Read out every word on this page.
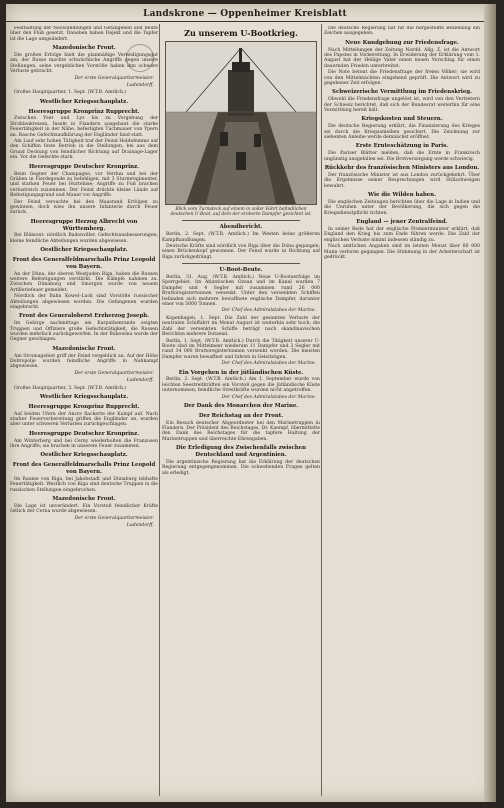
Landskrone — Oppenheimer Kreisblatt
Festhaltung der Neuwandlungen und Gefangenen und Beute über den Fluß gesetzt. Daneben haben Dejekt und die Tapfer ist die Lage umgeändert.
Mazedonische Front.
Die großen Erfolge hielt die planmäßige Verteidigungsgut am, der Russe machte schwächliche Angriffe gegen unsere Stellungen, seine vergeblichen Vorstöße haben ihm schwere Verluste gebracht.
Der erste Generalquartiermeister.
Ludendorff.
Großes Hauptquartier, 1. Sept. (W.T.B. Amtlich.)
Westlicher Kriegsschauplatz.
Heeresgruppe Kronprinz Rupprecht.
Zwischen Yser und Lys bis zu Vorgebung der Strahlenkreisen, Inseln in Flandern ausgebaut die starke Feuertätigkeit in der Nähe, befestigten Tuchmauer von Ypern an. Rasche Gefechtsaufklärung der Engländer fand statt.
Am Lauf sehr hohen Tätigkeit traf der Feind Holdefemme auf den Schiffen feste Betrieb in die Stellungen, bei aus dem Grund Deckung von feindlicher Richtung auf Drainage-Lager ein. Vor die Gefechte stark.
Heeresgruppe Deutscher Kronprinz.
Beim Gegner der Champagne, vor Verdun und bei der Gräben in Fierdegonde zu befehligen, mit 3 Sturmregimenter, und starken Feuer bei Hurtebise; Angriffe zu Fuß brachen verlustreich zusammen. Der Feind drückte kleine Lände auf Befestigungsgrund und Mauer vor Angriffe.
Der Feind versuchte bei den Maasrand Erfolgen zu gewinnen, doch wies ihn unsere Infanterie durch Feuer zurück.
Heeresgruppe Herzog Albrecht von Württemberg.
Bei Blämont: nördlich Badonviller, Gefechtsausbesserungen, kleine feindliche Abteilungen wurden abgewiesen.
Oestlicher Kriegsschauplatz.
Front des Generalfeldmarschalls Prinz Leopold von Bayern.
An der Düna, der oberen Westjuden Riga, haben die Russen weitere Befestigungen verstärkt. Die Kämpfe nahmen zu. Zwischen Dünaburg und Smorgon wurde von neuem Artilleriefeuer gemeldet.
Nördlich der Bahn Kowel–Luck sind Vorstöße russischer Abteilungen abgewiesen worden. Die Gefangenen wurden eingebracht.
Front des Generaloberst Erzherzog Joseph.
Im Gebirge nachmittags am Karpathenrande zeigten Truppen und Offiziere große Gefechtstätigkeit, die Russen wurden mehrfach zurückgeworfen. In der Bukowina wurde der Gegner geschlagen.
Mazedonische Front.
Am Strumagebiet griff der Feind vergeblich an. Auf der Höhe Dobropolje wurden feindliche Angriffe in Nahkampf abgewiesen.
Der erste Generalquartiermeister.
Ludendorff.
Großes Hauptquartier, 3. Sept. (W.T.B. Amtlich.)
Westlicher Kriegsschauplatz.
Heeresgruppe Kronprinz Rupprecht.
Auf beiden Ufern der Ancre flackerte der Kampf auf. Nach starker Feuervorbereitung griffen die Engländer an, wurden aber unter schweren Verlusten zurückgeschlagen.
Heeresgruppe Deutscher Kronprinz.
Am Winterberg und bei Cerny wiederholten die Franzosen ihre Angriffe; sie brachen in unserem Feuer zusammen.
Oestlicher Kriegsschauplatz.
Front des Generalfeldmarschalls Prinz Leopold von Bayern.
Im Raume von Riga, bei Jakobstadt und Dünaburg lebhafte Feuertätigkeit. Westlich von Riga sind deutsche Truppen in die russischen Stellungen eingebrochen.
Mazedonische Front.
Die Lage ist unverändert. Ein Vorstoß feindlicher Kräfte östlich der Cerna wurde abgewiesen.
Der erste Generalquartiermeister.
Ludendorff.
Zu unserem U-Bootkrieg.
Blick vom Turmdeck auf einem in voller Fahrt befindlichen deutschen U-Boot, auf dem der eroberte Dampfer gesichtet ist.
Abendbericht.
Berlin, 2. Sept. (W.T.B. Amtlich.) Im Westen keine größeren Kampfhandlungen.
Deutsche Kräfte sind nördlich von Riga über die Düna gegangen; einen Brückenkopf gewonnen. Der Feind wurde in Richtung auf Riga zurückgedrängt.
U-Boot-Beute.
Berlin, 31. Aug. (W.T.B. Amtlich.) Neue U-Bootserfolge im Sperrgebiet. Im Atlantischen Ozean und im Kanal wurden 7 Dampfer und 4 Segler mit zusammen rund 26 000 Bruttoregistertonnen versenkt. Unter den versenkten Schiffen befanden sich mehrere bewaffnete englische Dampfer, darunter einer von 5000 Tonnen.
Der Chef des Admiralstabes der Marine.
Kopenhagen, 1. Sept. Die Zahl der gesamten Verluste der neutralen Schiffahrt im Monat August ist weiterhin sehr hoch; die Zahl der versenkten Schiffe beträgt nach skandinavischen Berichten mehrere Dutzend.
Berlin, 1. Sept. (W.T.B. Amtlich.) Durch die Tätigkeit unserer U-Boote sind im Mittelmeer wiederum 11 Dampfer und 3 Segler mit rund 34 000 Bruttoregistertonnen versenkt worden. Die meisten Dampfer waren bewaffnet und fuhren in Geleitzügen.
Der Chef des Admiralstabes der Marine.
Ein Vorgehen in der jütländischen Küste.
Berlin, 2. Sept. (W.T.B. Amtlich.) Am 1. September wurde von leichten Seestreitkräften ein Vorstoß gegen die jütländische Küste unternommen; feindliche Streitkräfte wurden nicht angetroffen.
Der Chef des Admiralstabes der Marine.
Der Dank des Monarchen der Marine.
Der Reichstag an der Front.
Ein Besuch deutscher Abgeordneter bei den Marinetruppen in Flandern. Der Präsident des Reichstages, Dr. Kaempf, übermittelte den Dank des Reichstages für die tapfere Haltung der Marinetruppen und überreichte Ehrengaben.
Die Erledigung des Zwischenfalls zwischen Deutschland und Argentinien.
Die argentinische Regierung hat die Erklärung der deutschen Regierung entgegengenommen. Die schwebenden Fragen gelten als erledigt.
Die deutsche Regierung hat für die hergestellte Beziehung ein Zeichen ausgegeben.
Neue Kundgebung zur Friedensfrage.
Nach Mitteilungen der Zeitung Nordd. Allg. Z. ist die Antwort des Papstes in Vorbereitung. In Erwiderung der Erklärung vom 1. August hat der Heilige Vater einen neuen Vorschlag für einen dauernden Frieden unterbreitet.
Die Note betont die Friedensfrage der freien Völker; sie wird von den Mittelmächten eingehend geprüft. Die Antwort wird zu gegebener Zeit erfolgen.
Schweizerische Vermittlung im Friedenskrieg.
Obwohl die Friedensfrage ungelöst ist, wird von den Vertretern der Schweiz berichtet, daß sich der Bundesrat weiterhin für eine Vermittlung bereit hält.
Kriegskosten und Steuern.
Die deutsche Regierung erklärt, die Finanzierung des Krieges sei durch die Kriegsanleihen gesichert. Die Zeichnung zur siebenten Anleihe werde demnächst eröffnet.
Erste Ernteschätzung in Paris.
Die Pariser Blätter melden, daß die Ernte in Frankreich ungünstig ausgefallen sei. Die Brotversorgung werde schwierig.
Rückkehr des französischen Ministers aus London.
Der französische Minister ist aus London zurückgekehrt. Über die Ergebnisse seiner Besprechungen wird Stillschweigen bewahrt.
Wie die Wilden haben.
Die englischen Zeitungen berichten über die Lage in Indien und die Unruhen unter der Bevölkerung, die sich gegen die Kriegsdienstpflicht richten.
England — jener Zentralfeind.
In seiner Rede hat der englische Premierminister erklärt, daß England den Krieg bis zum Ende führen werde. Die Zahl der englischen Verluste nimmt indessen ständig zu.
Nach amtlichen Angaben sind im letzten Monat über 80 000 Mann verloren gegangen. Die Stimmung in der Arbeiterschaft ist gedrückt.
